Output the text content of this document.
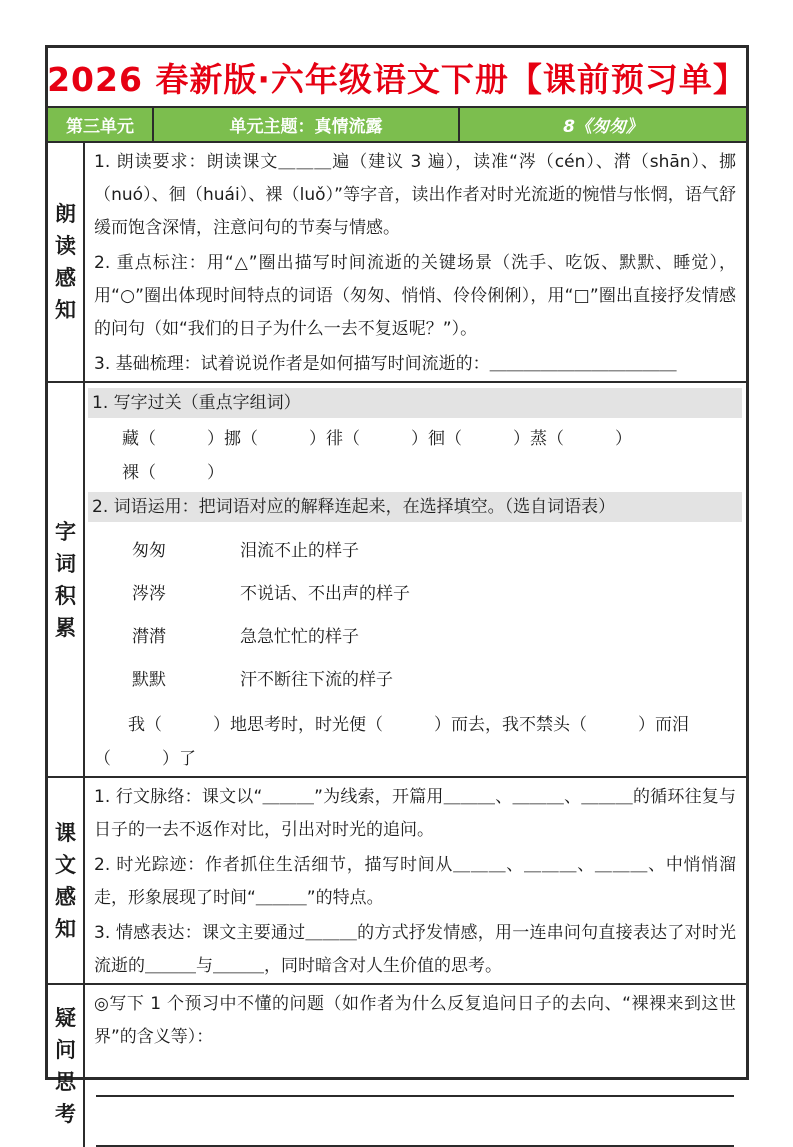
2026 春新版·六年级语文下册【课前预习单】
第三单元	单元主题：真情流露	8《匆匆》
朗读感知

1. 朗读要求：朗读课文＿＿＿遍（建议 3 遍），读准“涔（cén）、潸（shān）、挪（nuó）、徊（huái）、裸（luǒ）”等字音，读出作者对时光流逝的惋惜与怅惘，语气舒缓而饱含深情，注意问句的节奏与情感。

2. 重点标注：用“△”圈出描写时间流逝的关键场景（洗手、吃饭、默默、睡觉），用“○”圈出体现时间特点的词语（匆匆、悄悄、伶伶俐俐），用“□”圈出直接抒发情感的问句（如“我们的日子为什么一去不复返呢？”）。

3. 基础梳理：试着说说作者是如何描写时间流逝的：＿＿＿＿＿＿＿＿＿＿＿

字词积累
1. 写字过关（重点字组词）
藏（　　　）挪（　　　）徘（　　　）徊（　　　）蒸（　　　）
裸（　　　）
2. 词语运用：把词语对应的解释连起来，在选择填空。（选自词语表）
匆匆	泪流不止的样子
涔涔	不说话、不出声的样子
潸潸	急急忙忙的样子
默默	汗不断往下流的样子
我（　　　）地思考时，时光便（　　　）而去，我不禁头（　　　）而泪（　　　）了
课文感知

1. 行文脉络：课文以“＿＿＿”为线索，开篇用＿＿＿、＿＿＿、＿＿＿的循环往复与日子的一去不返作对比，引出对时光的追问。

2. 时光踪迹：作者抓住生活细节，描写时间从＿＿＿、＿＿＿、＿＿＿、中悄悄溜走，形象展现了时间“＿＿＿”的特点。

3. 情感表达：课文主要通过＿＿＿的方式抒发情感，用一连串问句直接表达了对时光流逝的＿＿＿与＿＿＿，同时暗含对人生价值的思考。

疑问思考

◎写下 1 个预习中不懂的问题（如作者为什么反复追问日子的去向、“裸裸来到这世界”的含义等）：
